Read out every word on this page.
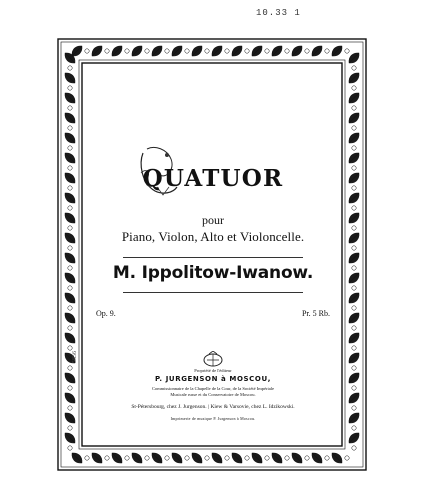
10.33 1
QUATUOR
pour
Piano, Violon, Alto et Violoncelle.
M. Ippolitow-Iwanow.
Op. 9.	Pr. 5 Rb.
Propriété de l'éditeur
P. JURGENSON à MOSCOU,
Commissionnaire de la Chapelle de la Cour, de la Société Impériale
Musicale russe et du Conservatoire de Moscou.
St-Pétersbourg, chez J. Jurgenson. | Kiew & Varsovie, chez L. Idzikowski.
Imprimerie de musique P. Jurgenson à Moscou.
5856
